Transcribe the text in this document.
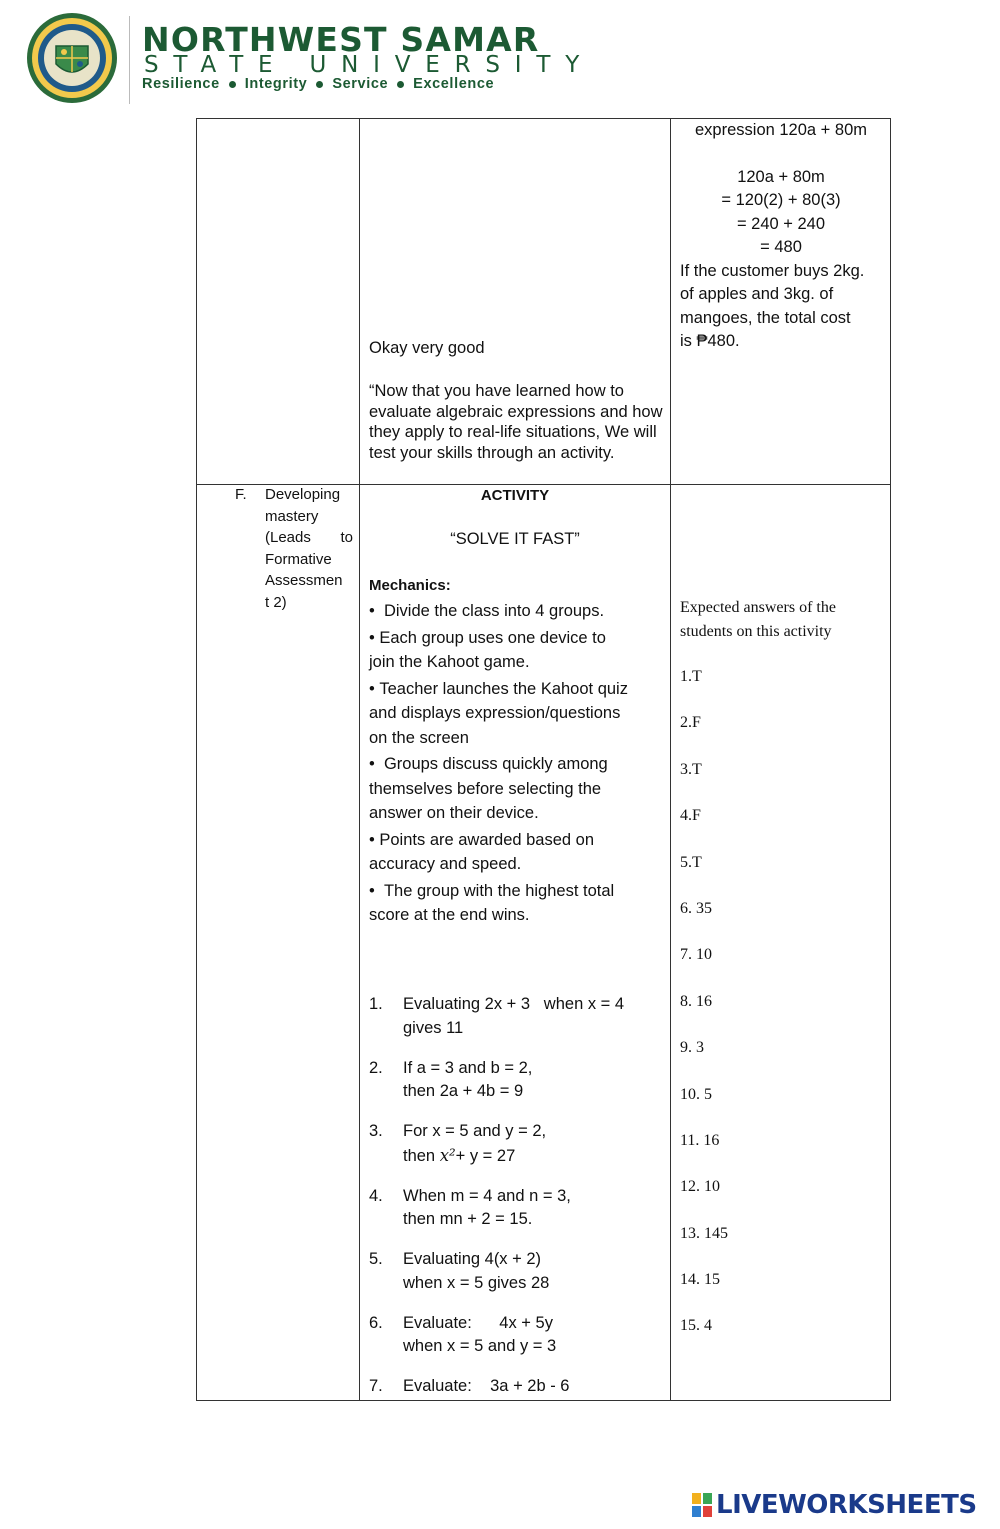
NORTHWEST SAMAR
STATE UNIVERSITY
Resilience Integrity Service Excellence
Okay very good
“Now that you have learned how to evaluate algebraic expressions and how they apply to real-life situations, We will test your skills through an activity.
expression 120a + 80m
120a + 80m
= 120(2) + 80(3)
= 240 + 240
= 480
If the customer buys 2kg.
of apples and 3kg. of
mangoes, the total cost
is ₱480.
F. Developing
mastery
(Leads to
Formative
Assessmen
t 2)
ACTIVITY
“SOLVE IT FAST”
Mechanics:
•  Divide the class into 4 groups.
• Each group uses one device to
join the Kahoot game.
• Teacher launches the Kahoot quiz
and displays expression/questions
on the screen
•  Groups discuss quickly among
themselves before selecting the
answer on their device.
• Points are awarded based on
accuracy and speed.
•  The group with the highest total
score at the end wins.
1. Evaluating 2x + 3   when x = 4
gives 11
2. If a = 3 and b = 2,
then 2a + 4b = 9
3. For x = 5 and y = 2,
then x²+ y = 27
4. When m = 4 and n = 3,
then mn + 2 = 15.
5. Evaluating 4(x + 2)
when x = 5 gives 28
6. Evaluate:      4x + 5y
when x = 5 and y = 3
7. Evaluate:    3a + 2b - 6
Expected answers of the
students on this activity
1.T
2.F
3.T
4.F
5.T
6. 35
7. 10
8. 16
9. 3
10. 5
11. 16
12. 10
13. 145
14. 15
15. 4
LIVEWORKSHEETS
